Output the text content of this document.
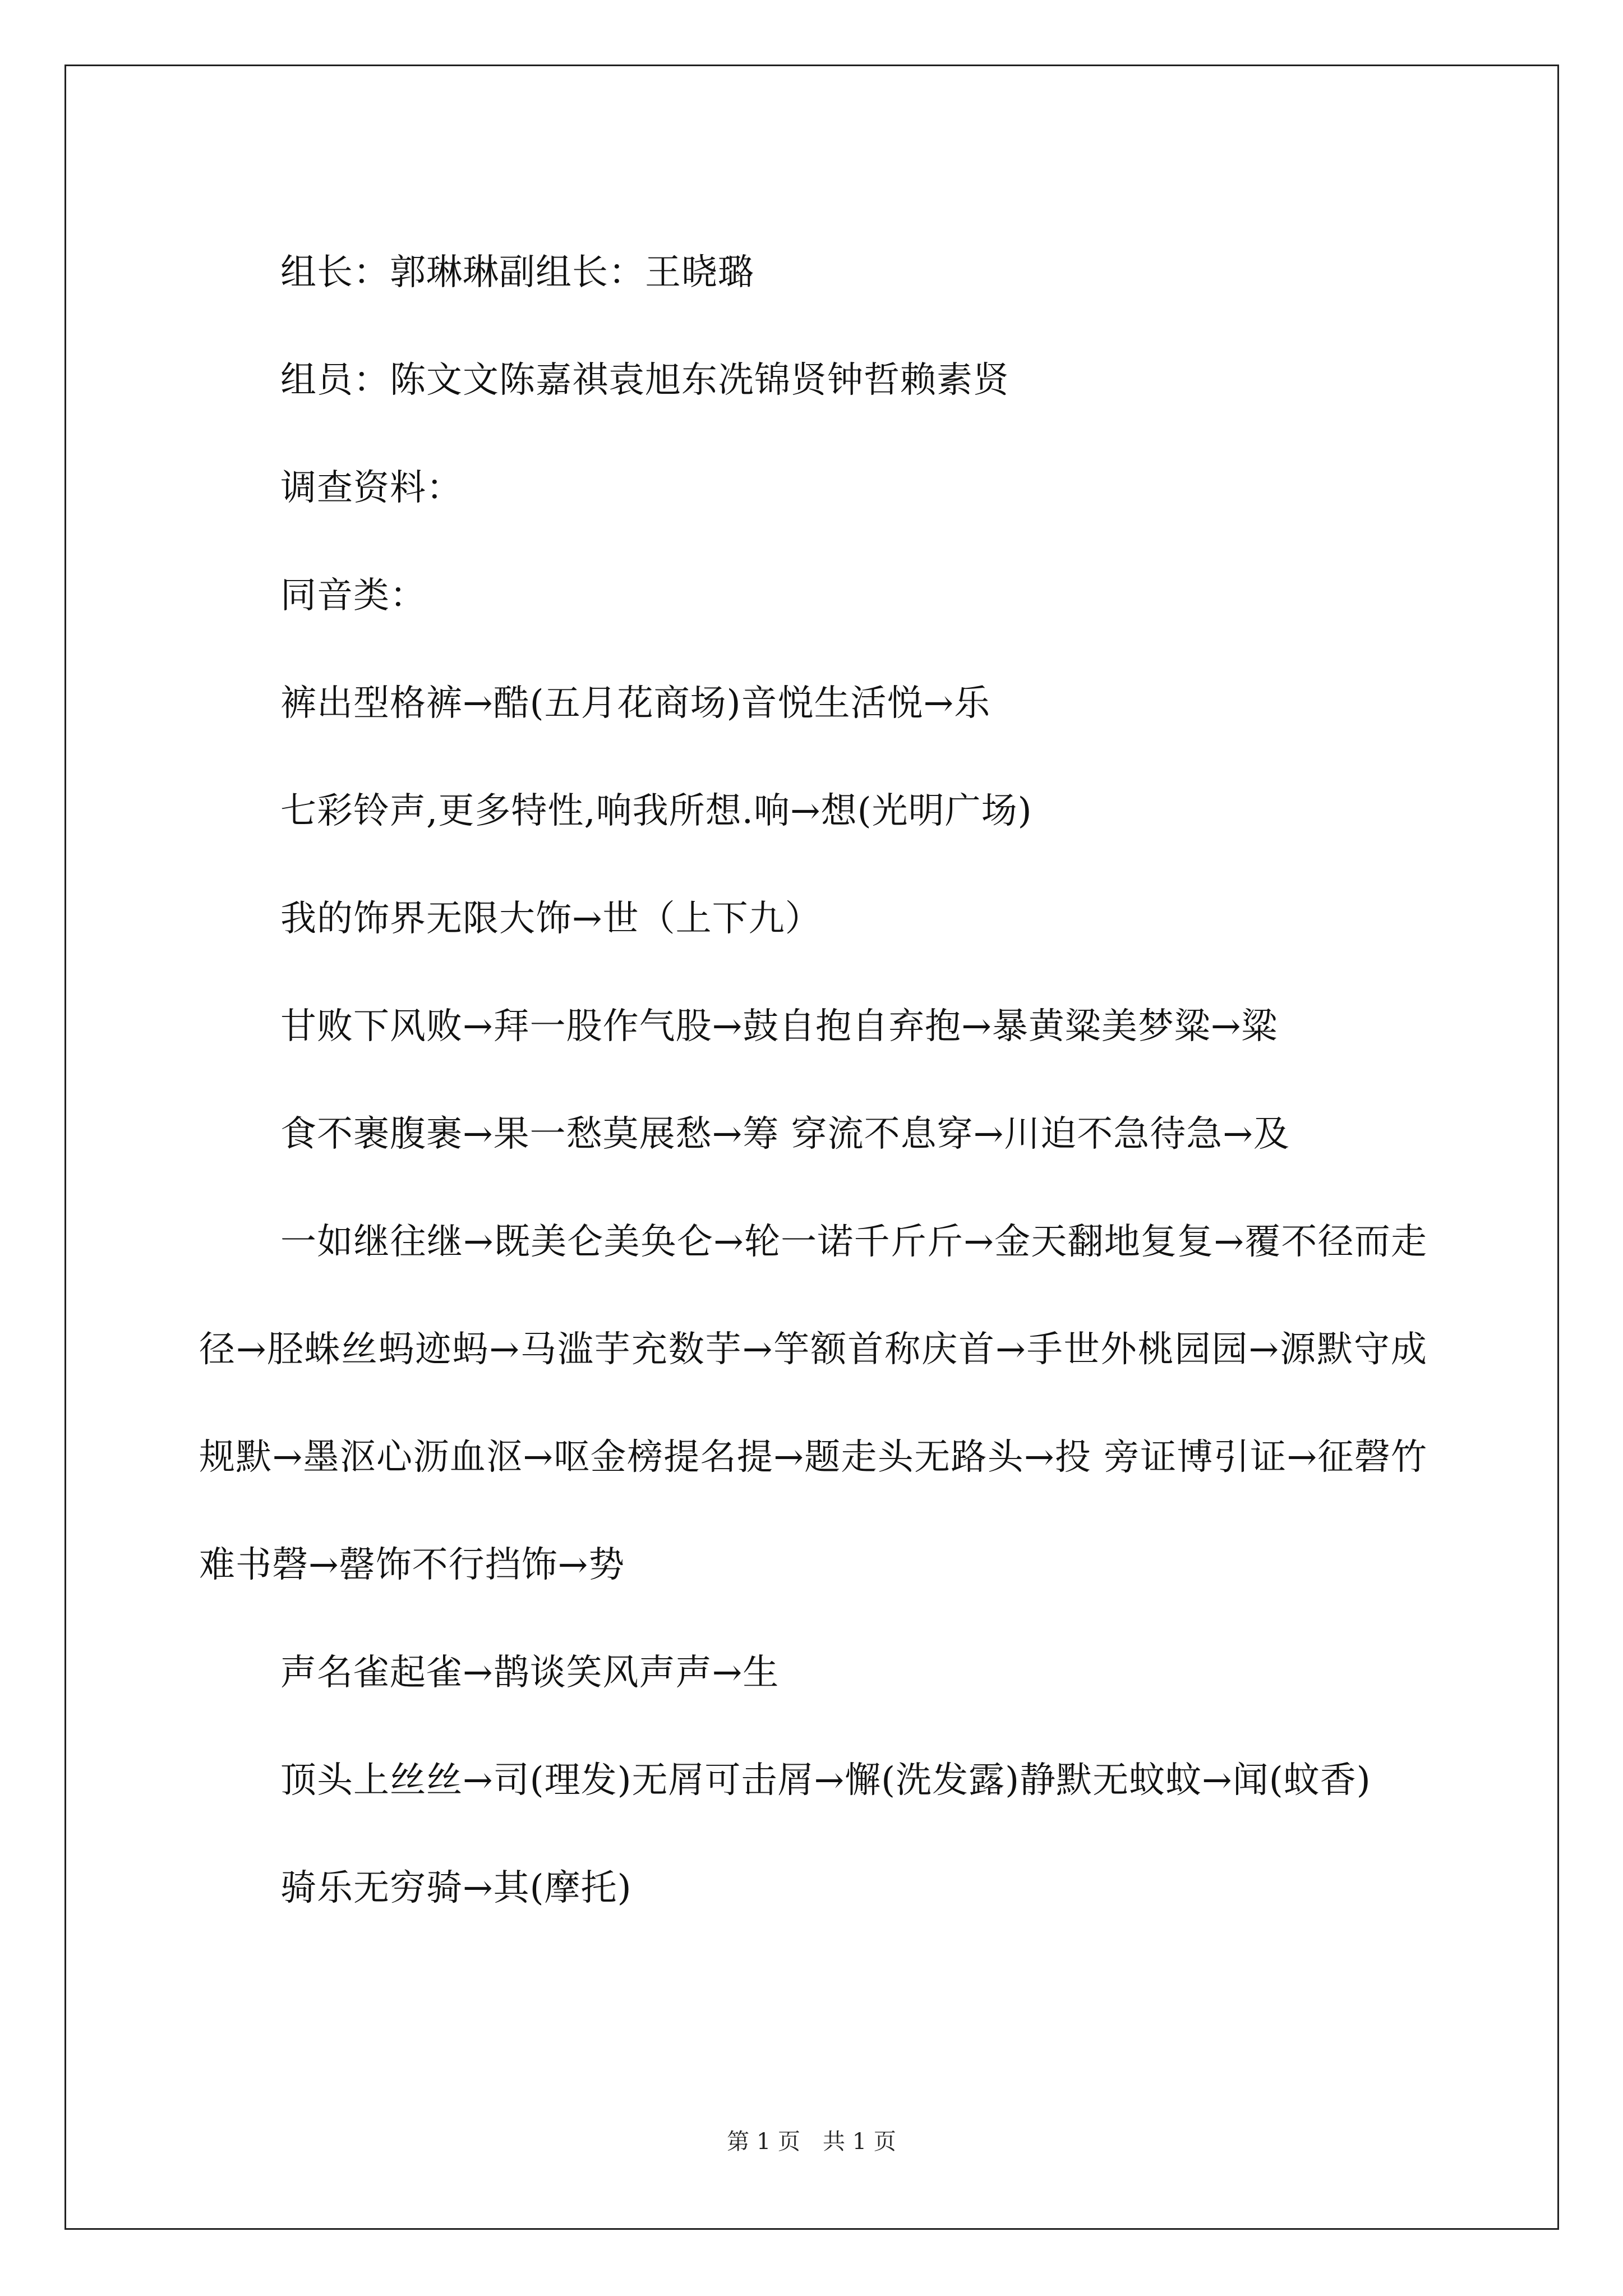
组长：郭琳琳副组长：王晓璐

组员：陈文文陈嘉祺袁旭东冼锦贤钟哲赖素贤

调查资料：

同音类：

裤出型格裤→酷(五月花商场)音悦生活悦→乐

七彩铃声,更多特性,响我所想.响→想(光明广场)

我的饰界无限大饰→世（上下九）

甘败下风败→拜一股作气股→鼓自抱自弃抱→暴黄粱美梦粱→粱

食不裹腹裹→果一愁莫展愁→筹 穿流不息穿→川迫不急待急→及

一如继往继→既美仑美奂仑→轮一诺千斤斤→金天翻地复复→覆不径而走径→胫蛛丝蚂迹蚂→马滥芋充数芋→竽额首称庆首→手世外桃园园→源默守成规默→墨沤心沥血沤→呕金榜提名提→题走头无路头→投 旁证博引证→征磬竹难书磬→罄饰不行挡饰→势

声名雀起雀→鹊谈笑风声声→生

顶头上丝丝→司(理发)无屑可击屑→懈(洗发露)静默无蚊蚊→闻(蚊香)

骑乐无穷骑→其(摩托)

第 1 页　共 1 页
